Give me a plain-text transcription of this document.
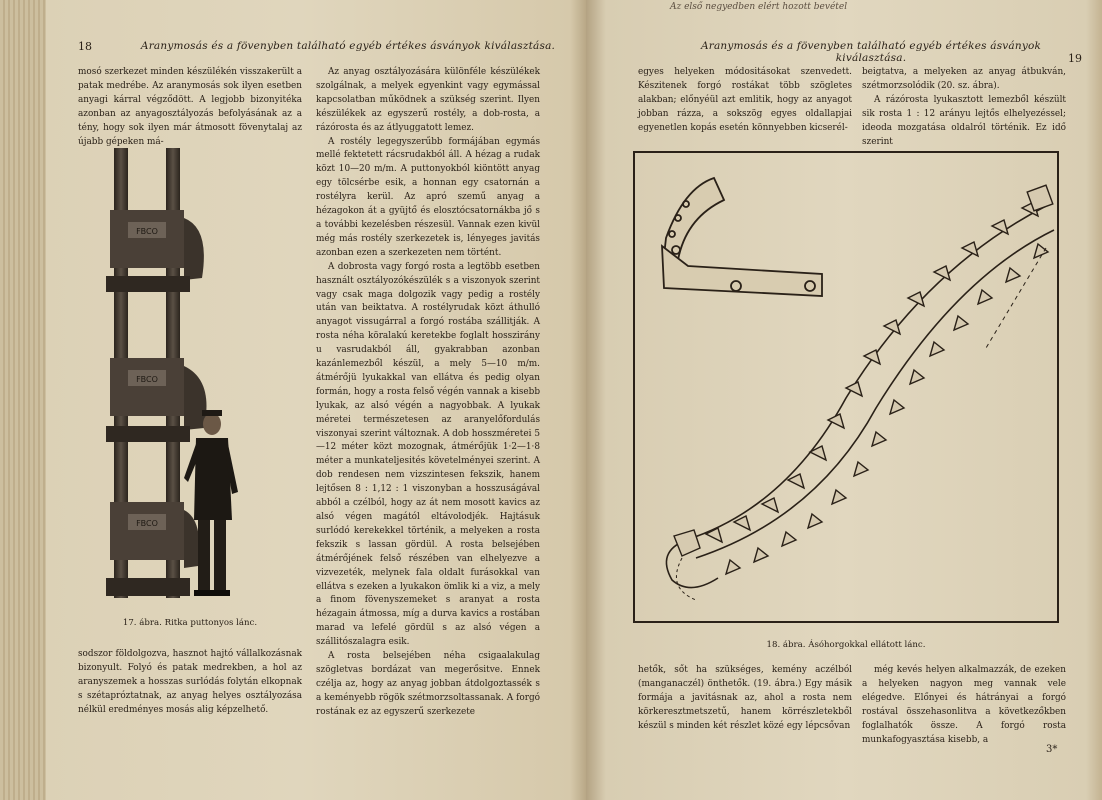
18	Aranymosás és a fövenyben található egyéb értékes ásványok kiválasztása.

mosó szerkezet minden készülékén visszakerült a patak medrébe. Az aranymosás sok ilyen esetben anyagi kárral végződött. A legjobb bizonyitéka azonban az anyagosztályozás befolyásának az a tény, hogy sok ilyen már átmosott fövenytalaj az újabb gépeken má-

FBCO
FBCO
FBCO
17. ábra. Ritka puttonyos lánc.

sodszor földolgozva, hasznot hajtó vállalkozásnak bizonyult. Folyó és patak medrekben, a hol az aranyszemek a hosszas surlódás folytán elkopnak s szétapróztatnak, az anyag helyes osztályozása nélkül eredményes mosás alig képzelhető.

Az anyag osztályozására különféle készülékek szolgálnak, a melyek egyenkint vagy egymással kapcsolatban működnek a szükség szerint. Ilyen készülékek az egyszerű rostély, a dob-rosta, a rázórosta és az átlyuggatott lemez.

A rostély legegyszerűbb formájában egymás mellé fektetett rácsrudakból áll. A hézag a rudak közt 10—20 m/m. A puttonyokból kiöntött anyag egy tölcsérbe esik, a honnan egy csatornán a rostélyra kerül. Az apró szemű anyag a hézagokon át a gyüjtő és elosztócsatornákba jő s a további kezelésben részesül. Vannak ezen kivül még más rostély szerkezetek is, lényeges javitás azonban ezen a szerkezeten nem történt.

A dobrosta vagy forgó rosta a legtöbb esetben használt osztályozókészülék s a viszonyok szerint vagy csak maga dolgozik vagy pedig a rostély után van beiktatva. A rostélyrudak közt áthulló anyagot vissugárral a forgó rostába szállitják. A rosta néha köralakú keretekbe foglalt hosszirány u vasrudakból áll, gyakrabban azonban kazánlemezből készül, a mely 5—10 m/m. átmérőjü lyukakkal van ellátva és pedig olyan formán, hogy a rosta felső végén vannak a kisebb lyukak, az alsó végén a nagyobbak. A lyukak méretei természetesen az aranyelőfordulás viszonyai szerint változnak. A dob hosszméretei 5—12 méter közt mozognak, átmérőjük 1·2—1·8 méter a munkateljesités követelményei szerint. A dob rendesen nem vizszintesen fekszik, hanem lejtősen 8 : 1,12 : 1 viszonyban a hosszuságával abból a czélból, hogy az át nem mosott kavics az alsó végen magától eltávolodjék. Hajtásuk surlódó kerekekkel történik, a melyeken a rosta fekszik s lassan gördül. A rosta belsejében átmérőjének felső részében van elhelyezve a vizvezeték, melynek fala oldalt furásokkal van ellátva s ezeken a lyukakon ömlik ki a viz, a mely a finom fövenyszemeket s aranyat a rosta hézagain átmossa, míg a durva kavics a rostában marad va lefelé gördül s az alsó végen a szállitószalagra esik.

A rosta belsejében néha csigaalakulag szögletvas bordázat van megerősitve. Ennek czélja az, hogy az anyag jobban átdolgoztassék s a keményebb rögök szétmorzsoltassanak. A forgó rostának ez az egyszerű szerkezete

Az első negyedben elért hozott bevétel
Aranymosás és a fövenyben található egyéb értékes ásványok kiválasztása.	19

egyes helyeken módositásokat szenvedett. Készitenek forgó rostákat több szögletes alakban; előnyéül azt emlitik, hogy az anyagot jobban rázza, a sokszög egyes oldallapjai egyenetlen kopás esetén könnyebben kicserél-

beigtatva, a melyeken az anyag átbukván, szétmorzsolódik (20. sz. ábra).

A rázórosta lyukasztott lemezből készült sik rosta 1 : 12 arányu lejtős elhelyezéssel; ideoda mozgatása oldalról történik. Ez idő szerint

18. ábra. Ásóhorgokkal ellátott lánc.

hetők, sőt ha szükséges, kemény aczélból (manganaczél) önthetők. (19. ábra.) Egy másik formája a javitásnak az, ahol a rosta nem körkeresztmetszetű, hanem körrészletekből készül s minden két részlet közé egy lépcsővan

még kevés helyen alkalmazzák, de ezeken a helyeken nagyon meg vannak vele elégedve. Előnyei és hátrányai a forgó rostával összehasonlitva a következőkben foglalhatók össze. A forgó rosta munkafogyasztása kisebb, a

3*
